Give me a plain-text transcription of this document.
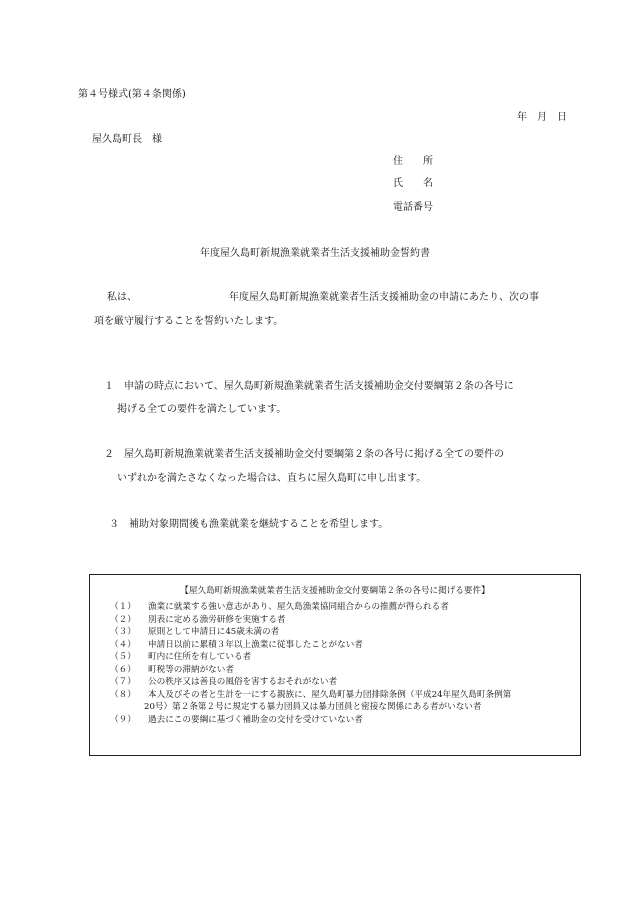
第４号様式(第４条関係)
年　月　日
屋久島町長　様
住　　所
氏　　名
電話番号
年度屋久島町新規漁業就業者生活支援補助金誓約書
私は、	年度屋久島町新規漁業就業者生活支援補助金の申請にあたり、次の事
項を厳守履行することを誓約いたします。
１　 申請の時点において、屋久島町新規漁業就業者生活支援補助金交付要綱第２条の各号に
掲げる全ての要件を満たしています。
２　 屋久島町新規漁業就業者生活支援補助金交付要綱第２条の各号に掲げる全ての要件の
いずれかを満たさなくなった場合は、直ちに屋久島町に申し出ます。
３　 補助対象期間後も漁業就業を継続することを希望します。
【屋久島町新規漁業就業者生活支援補助金交付要綱第２条の各号に掲げる要件】
（１）	漁業に就業する強い意志があり、屋久島漁業協同組合からの推薦が得られる者
（２）	別表に定める漁労研修を実施する者
（３）	原則として申請日に45歳未満の者
（４）	申請日以前に累積３年以上漁業に従事したことがない者
（５）	町内に住所を有している者
（６）	町税等の滞納がない者
（７）	公の秩序又は善良の風俗を害するおそれがない者
（８）	本人及びその者と生計を一にする親族に、屋久島町暴力団排除条例（平成24年屋久島町条例第
20号）第２条第２号に規定する暴力団員又は暴力団員と密接な関係にある者がいない者
（９）	過去にこの要綱に基づく補助金の交付を受けていない者
